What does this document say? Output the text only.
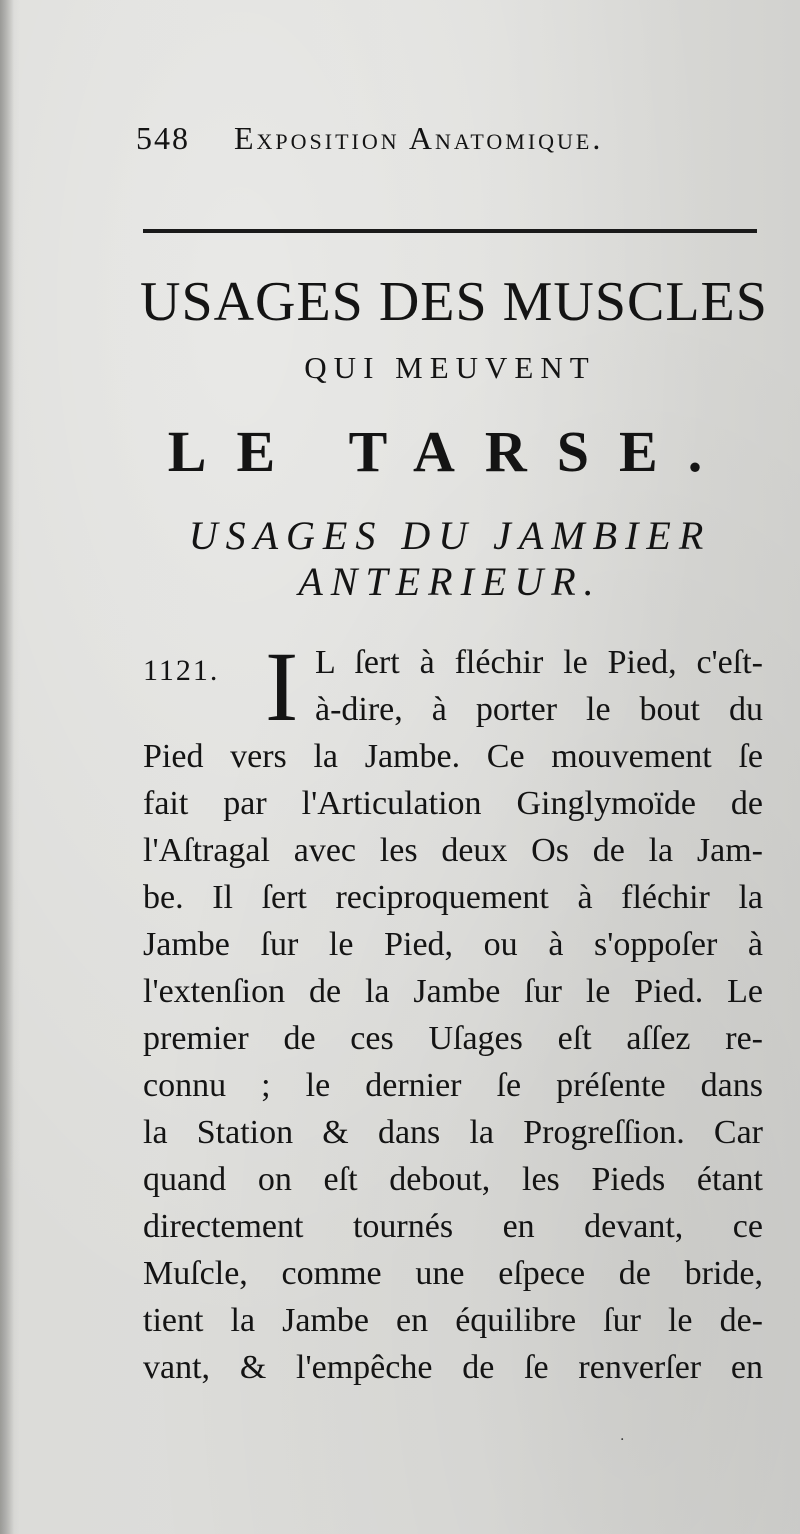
548 Exposition Anatomique.
USAGES DES MUSCLES
QUI MEUVENT
LE TARSE.
USAGES DU JAMBIER
ANTERIEUR.
1121. I L ſert à fléchir le Pied, c'eſt-
à-dire, à porter le bout du
Pied vers la Jambe. Ce mouvement ſe
fait par l'Articulation Ginglymoïde de
l'Aſtragal avec les deux Os de la Jam-
be. Il ſert reciproquement à fléchir la
Jambe ſur le Pied, ou à s'oppoſer à
l'extenſion de la Jambe ſur le Pied. Le
premier de ces Uſages eſt aſſez re-
connu ; le dernier ſe préſente dans
la Station & dans la Progreſſion. Car
quand on eſt debout, les Pieds étant
directement tournés en devant, ce
Muſcle, comme une eſpece de bride,
tient la Jambe en équilibre ſur le de-
vant, & l'empêche de ſe renverſer en
·
